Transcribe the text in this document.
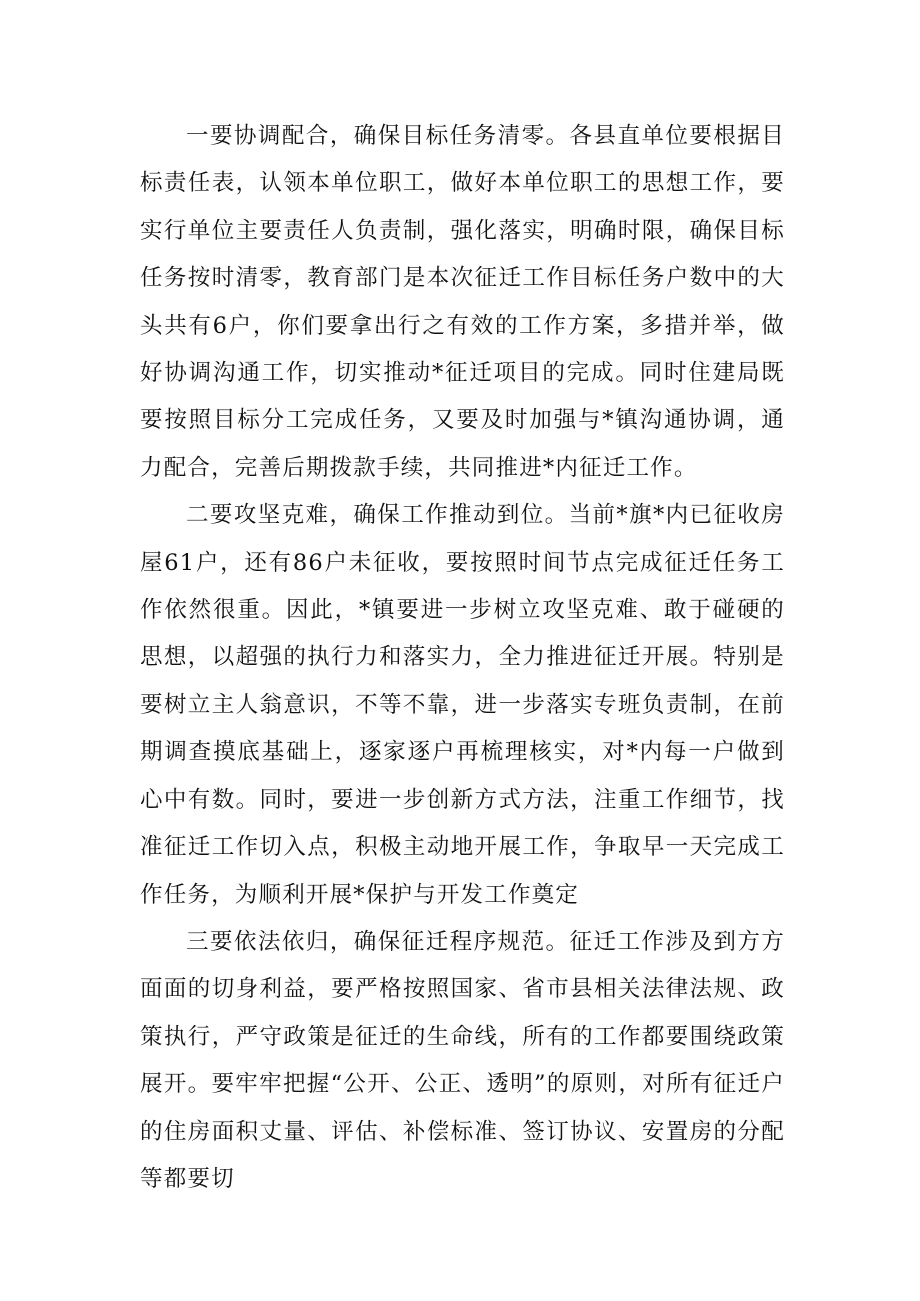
一要协调配合，确保目标任务清零。各县直单位要根据目标责任表，认领本单位职工，做好本单位职工的思想工作，要实行单位主要责任人负责制，强化落实，明确时限，确保目标任务按时清零，教育部门是本次征迁工作目标任务户数中的大头共有6户，你们要拿出行之有效的工作方案，多措并举，做好协调沟通工作，切实推动*征迁项目的完成。同时住建局既要按照目标分工完成任务，又要及时加强与*镇沟通协调，通力配合，完善后期拨款手续，共同推进*内征迁工作。

二要攻坚克难，确保工作推动到位。当前*旗*内已征收房屋61户，还有86户未征收，要按照时间节点完成征迁任务工作依然很重。因此，*镇要进一步树立攻坚克难、敢于碰硬的思想，以超强的执行力和落实力，全力推进征迁开展。特别是要树立主人翁意识，不等不靠，进一步落实专班负责制，在前期调查摸底基础上，逐家逐户再梳理核实，对*内每一户做到心中有数。同时，要进一步创新方式方法，注重工作细节，找准征迁工作切入点，积极主动地开展工作，争取早一天完成工作任务，为顺利开展*保护与开发工作奠定

三要依法依归，确保征迁程序规范。征迁工作涉及到方方面面的切身利益，要严格按照国家、省市县相关法律法规、政策执行，严守政策是征迁的生命线，所有的工作都要围绕政策展开。要牢牢把握“公开、公正、透明”的原则，对所有征迁户的住房面积丈量、评估、补偿标准、签订协议、安置房的分配等都要切
